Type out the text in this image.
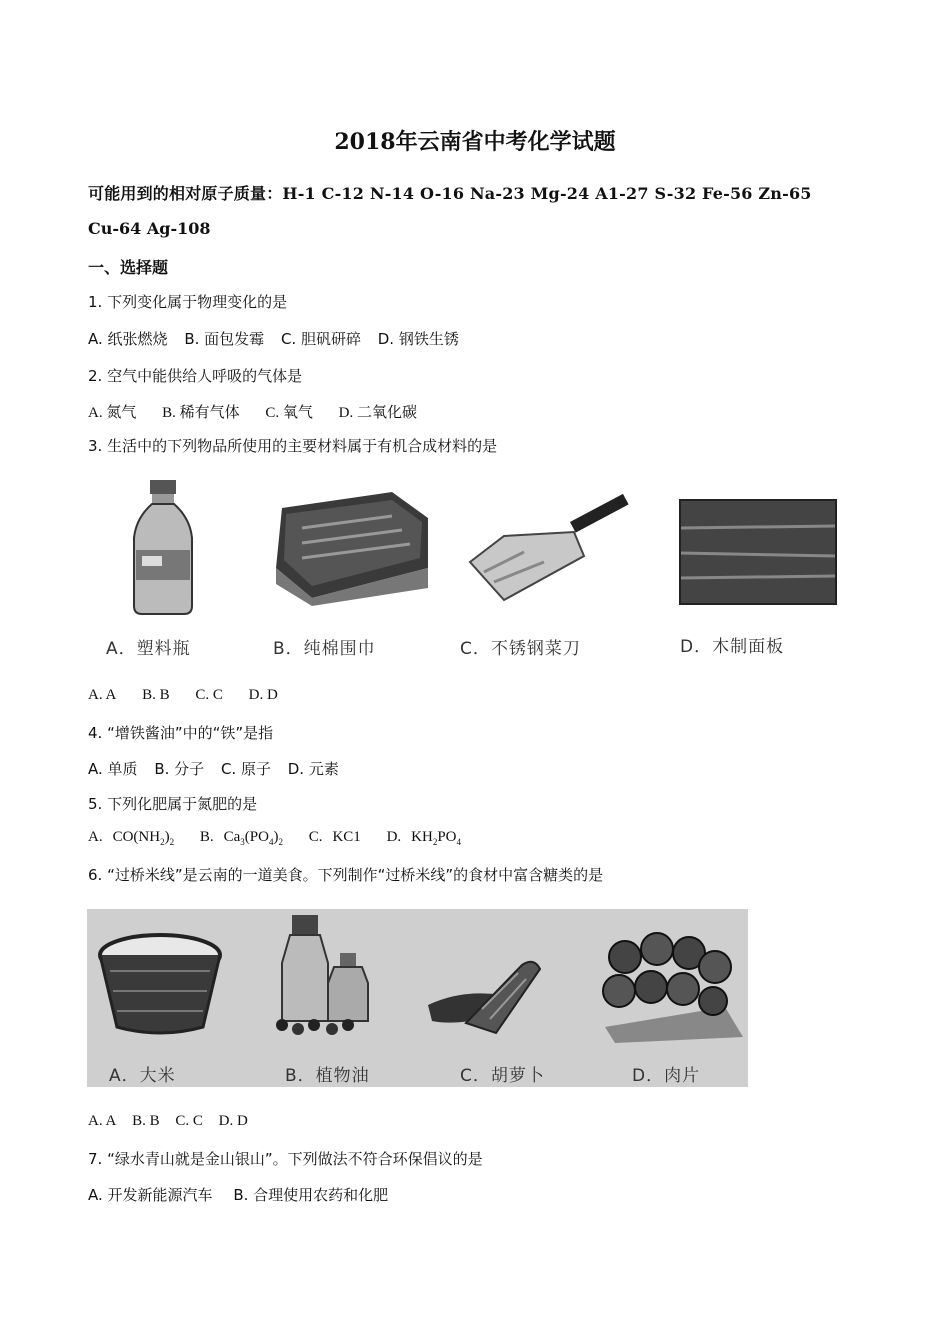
2018年云南省中考化学试题
可能用到的相对原子质量：H-1 C-12 N-14 O-16 Na-23 Mg-24 A1-27 S-32 Fe-56 Zn-65
Cu-64 Ag-108
一、选择题
1. 下列变化属于物理变化的是
A. 纸张燃烧 B. 面包发霉 C. 胆矾研碎 D. 钢铁生锈
2. 空气中能供给人呼吸的气体是
A. 氮气 B. 稀有气体 C. 氧气 D. 二氧化碳
3. 生活中的下列物品所使用的主要材料属于有机合成材料的是
A．塑料瓶	B．纯棉围巾	C．不锈钢菜刀	D．木制面板
A. A B. B C. C D. D
4. “增铁酱油”中的“铁”是指
A. 单质 B. 分子 C. 原子 D. 元素
5. 下列化肥属于氮肥的是
A. $CO(NH_2)_2$ B. $Ca_3(PO_4)_2$ C. KC1 D. $KH_2PO_4$
6. “过桥米线”是云南的一道美食。下列制作“过桥米线”的食材中富含糖类的是
A．大米	B．植物油	C．胡萝卜	D．肉片
A. A B. B C. C D. D
7. “绿水青山就是金山银山”。下列做法不符合环保倡议的是
A. 开发新能源汽车 B. 合理使用农药和化肥
